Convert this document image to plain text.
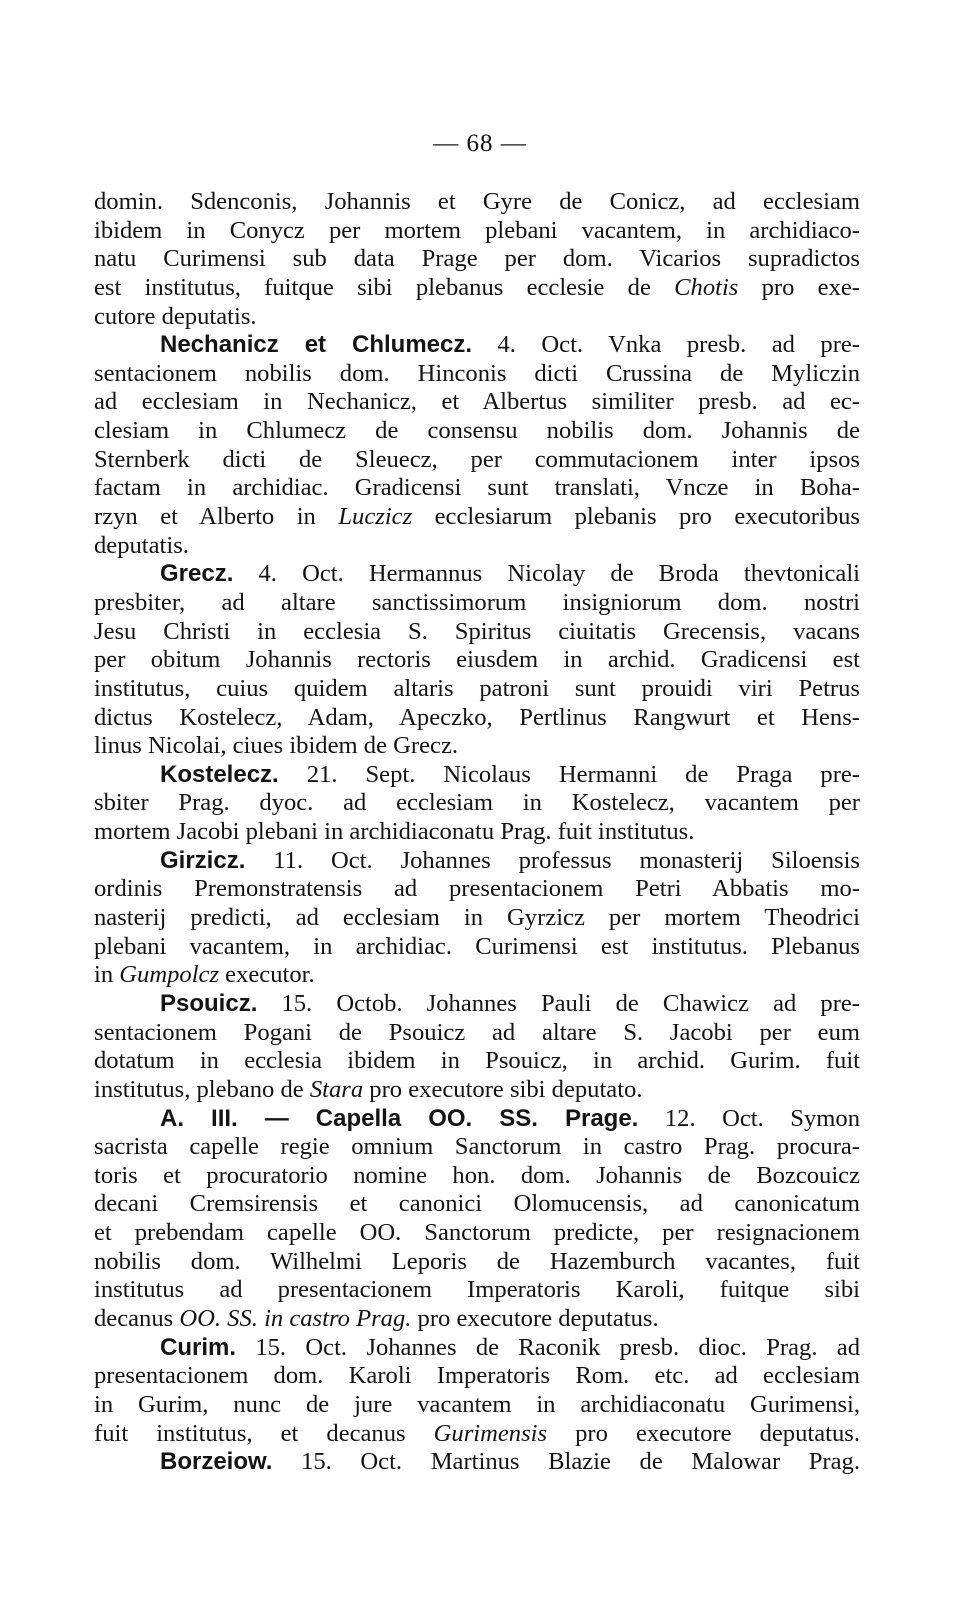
— 68 —
domin. Sdenconis, Johannis et Gyre de Conicz, ad ecclesiam
ibidem in Conycz per mortem plebani vacantem, in archidiaco-
natu Curimensi sub data Prage per dom. Vicarios supradictos
est institutus, fuitque sibi plebanus ecclesie de Chotis pro exe-
cutore deputatis.
Nechanicz et Chlumecz. 4. Oct. Vnka presb. ad pre-
sentacionem nobilis dom. Hinconis dicti Crussina de Myliczin
ad ecclesiam in Nechanicz, et Albertus similiter presb. ad ec-
clesiam in Chlumecz de consensu nobilis dom. Johannis de
Sternberk dicti de Sleuecz, per commutacionem inter ipsos
factam in archidiac. Gradicensi sunt translati, Vncze in Boha-
rzyn et Alberto in Luczicz ecclesiarum plebanis pro executoribus
deputatis.
Grecz. 4. Oct. Hermannus Nicolay de Broda thevtonicali
presbiter, ad altare sanctissimorum insigniorum dom. nostri
Jesu Christi in ecclesia S. Spiritus ciuitatis Grecensis, vacans
per obitum Johannis rectoris eiusdem in archid. Gradicensi est
institutus, cuius quidem altaris patroni sunt prouidi viri Petrus
dictus Kostelecz, Adam, Apeczko, Pertlinus Rangwurt et Hens-
linus Nicolai, ciues ibidem de Grecz.
Kostelecz. 21. Sept. Nicolaus Hermanni de Praga pre-
sbiter Prag. dyoc. ad ecclesiam in Kostelecz, vacantem per
mortem Jacobi plebani in archidiaconatu Prag. fuit institutus.
Girzicz. 11. Oct. Johannes professus monasterij Siloensis
ordinis Premonstratensis ad presentacionem Petri Abbatis mo-
nasterij predicti, ad ecclesiam in Gyrzicz per mortem Theodrici
plebani vacantem, in archidiac. Curimensi est institutus. Plebanus
in Gumpolcz executor.
Psouicz. 15. Octob. Johannes Pauli de Chawicz ad pre-
sentacionem Pogani de Psouicz ad altare S. Jacobi per eum
dotatum in ecclesia ibidem in Psouicz, in archid. Gurim. fuit
institutus, plebano de Stara pro executore sibi deputato.
A. III. — Capella OO. SS. Prage. 12. Oct. Symon
sacrista capelle regie omnium Sanctorum in castro Prag. procura-
toris et procuratorio nomine hon. dom. Johannis de Bozcouicz
decani Cremsirensis et canonici Olomucensis, ad canonicatum
et prebendam capelle OO. Sanctorum predicte, per resignacionem
nobilis dom. Wilhelmi Leporis de Hazemburch vacantes, fuit
institutus ad presentacionem Imperatoris Karoli, fuitque sibi
decanus OO. SS. in castro Prag. pro executore deputatus.
Curim. 15. Oct. Johannes de Raconik presb. dioc. Prag. ad
presentacionem dom. Karoli Imperatoris Rom. etc. ad ecclesiam
in Gurim, nunc de jure vacantem in archidiaconatu Gurimensi,
fuit institutus, et decanus Gurimensis pro executore deputatus.
Borzeiow. 15. Oct. Martinus Blazie de Malowar Prag.
